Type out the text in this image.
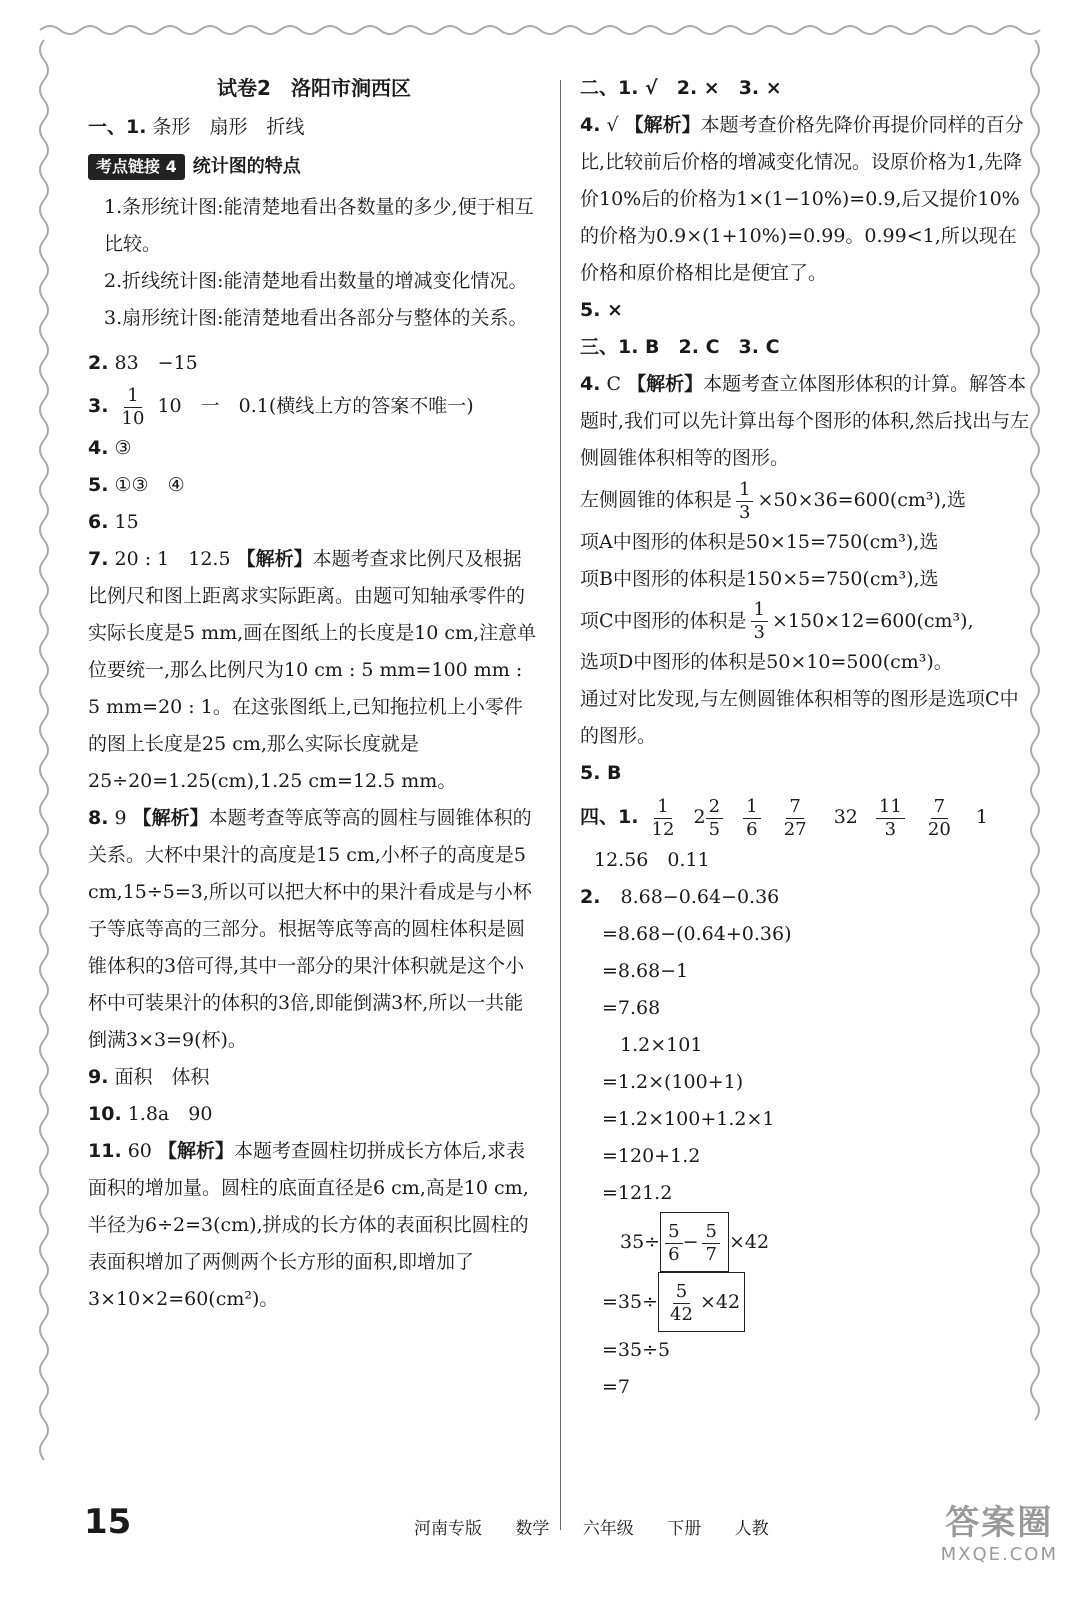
试卷2 洛阳市涧西区
一、1. 条形　扇形　折线
考点链接 4 统计图的特点
1.条形统计图:能清楚地看出各数量的多少,便于相互比较。
2.折线统计图:能清楚地看出数量的增减变化情况。
3.扇形统计图:能清楚地看出各部分与整体的关系。
2. 83　−15
3. $\frac{1}{10} 10$　一　0.1(横线上方的答案不唯一)
4. ③
5. ①③　④
6. 15
7. 20 : 1　12.5 【解析】本题考查求比例尺及根据比例尺和图上距离求实际距离。由题可知轴承零件的实际长度是5 mm,画在图纸上的长度是10 cm,注意单位要统一,那么比例尺为10 cm : 5 mm=100 mm : 5 mm=20 : 1。在这张图纸上,已知拖拉机上小零件的图上长度是25 cm,那么实际长度就是25÷20=1.25(cm),1.25 cm=12.5 mm。
8. 9 【解析】本题考查等底等高的圆柱与圆锥体积的关系。大杯中果汁的高度是15 cm,小杯子的高度是5 cm,15÷5=3,所以可以把大杯中的果汁看成是与小杯子等底等高的三部分。根据等底等高的圆柱体积是圆锥体积的3倍可得,其中一部分的果汁体积就是这个小杯中可装果汁的体积的3倍,即能倒满3杯,所以一共能倒满3×3=9(杯)。
9. 面积　体积
10. 1.8a　90
11. 60 【解析】本题考查圆柱切拼成长方体后,求表面积的增加量。圆柱的底面直径是6 cm,高是10 cm,半径为6÷2=3(cm),拼成的长方体的表面积比圆柱的表面积增加了两侧两个长方形的面积,即增加了3×10×2=60(cm²)。
二、1. √　2. ×　3. ×
4. √ 【解析】本题考查价格先降价再提价同样的百分比,比较前后价格的增减变化情况。设原价格为1,先降价10%后的价格为1×(1−10%)=0.9,后又提价10%的价格为0.9×(1+10%)=0.99。0.99<1,所以现在价格和原价格相比是便宜了。
5. ×
三、1. B　2. C　3. C
4. C 【解析】本题考查立体图形体积的计算。解答本题时,我们可以先计算出每个图形的体积,然后找出与左侧圆锥体积相等的图形。
左侧圆锥的体积是 $\frac{1}{3} \times 50\times 36=600(cm^3)$,选
项A中图形的体积是50×15=750(cm³),选
项B中图形的体积是150×5=750(cm³),选
项C中图形的体积是 $\frac{1}{3} \times 150\times 12=600(cm^3)$,
选项D中图形的体积是50×10=500(cm³)。
通过对比发现,与左侧圆锥体积相等的图形是选项C中的图形。
5. B
四、1. $\frac{1}{12} 2 \frac{2}{5}$
$\frac{1}{6}$
$\frac{7}{27} 32 \frac{11}{3}$
$\frac{7}{20} 1$
12.56　0.11
2. 8.68−0.64−0.36
=8.68−(0.64+0.36)
=8.68−1
=7.68
1.2×101
=1.2×(100+1)
=1.2×100+1.2×1
=120+1.2
=121.2
$35\div \frac{5}{6} - \frac{5}{7} \times 42$
$=35\div \frac{5}{42} \times 42$
=35÷5
=7
15	河南专版 数学 六年级 下册 人教	答案圈
MXQE.COM
